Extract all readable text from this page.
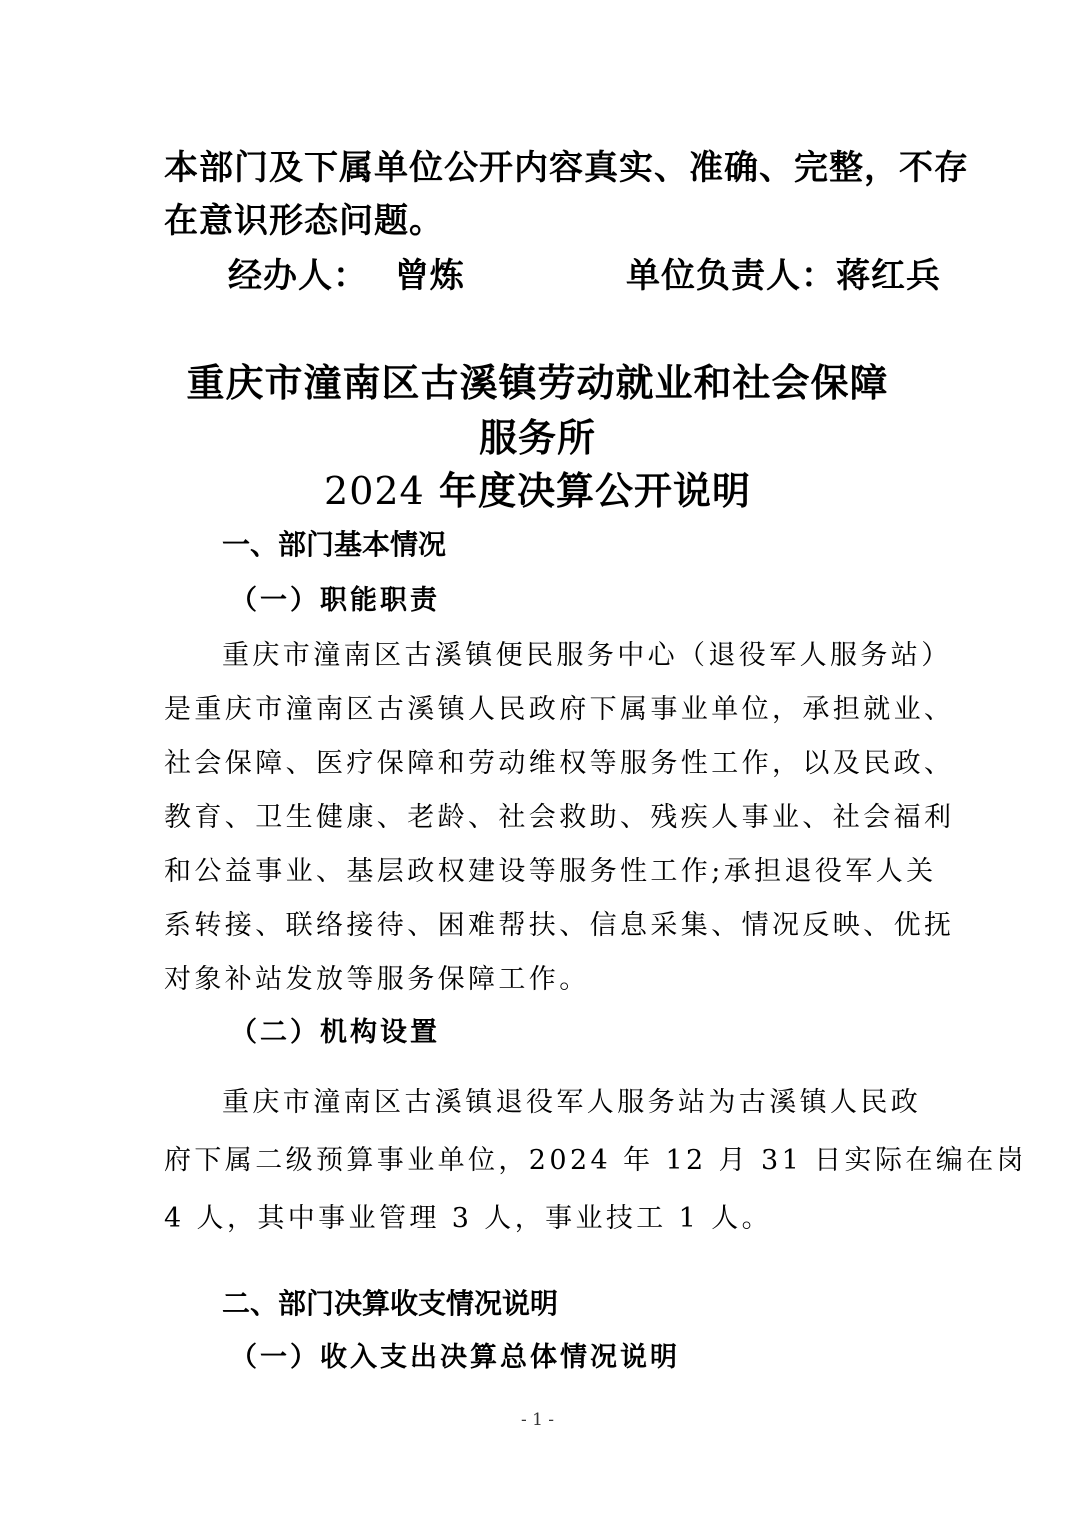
本部门及下属单位公开内容真实、准确、完整，不存
在意识形态问题。
经办人： 曾炼	单位负责人：蒋红兵
重庆市潼南区古溪镇劳动就业和社会保障
服务所
2024 年度决算公开说明
一、部门基本情况
（一）职能职责
重庆市潼南区古溪镇便民服务中心（退役军人服务站）
是重庆市潼南区古溪镇人民政府下属事业单位，承担就业、
社会保障、医疗保障和劳动维权等服务性工作，以及民政、
教育、卫生健康、老龄、社会救助、残疾人事业、社会福利
和公益事业、基层政权建设等服务性工作;承担退役军人关
系转接、联络接待、困难帮扶、信息采集、情况反映、优抚
对象补站发放等服务保障工作。
（二）机构设置
重庆市潼南区古溪镇退役军人服务站为古溪镇人民政
府下属二级预算事业单位，2024 年 12 月 31 日实际在编在岗
4 人，其中事业管理 3 人，事业技工 1 人。
二、部门决算收支情况说明
（一）收入支出决算总体情况说明
- 1 -
